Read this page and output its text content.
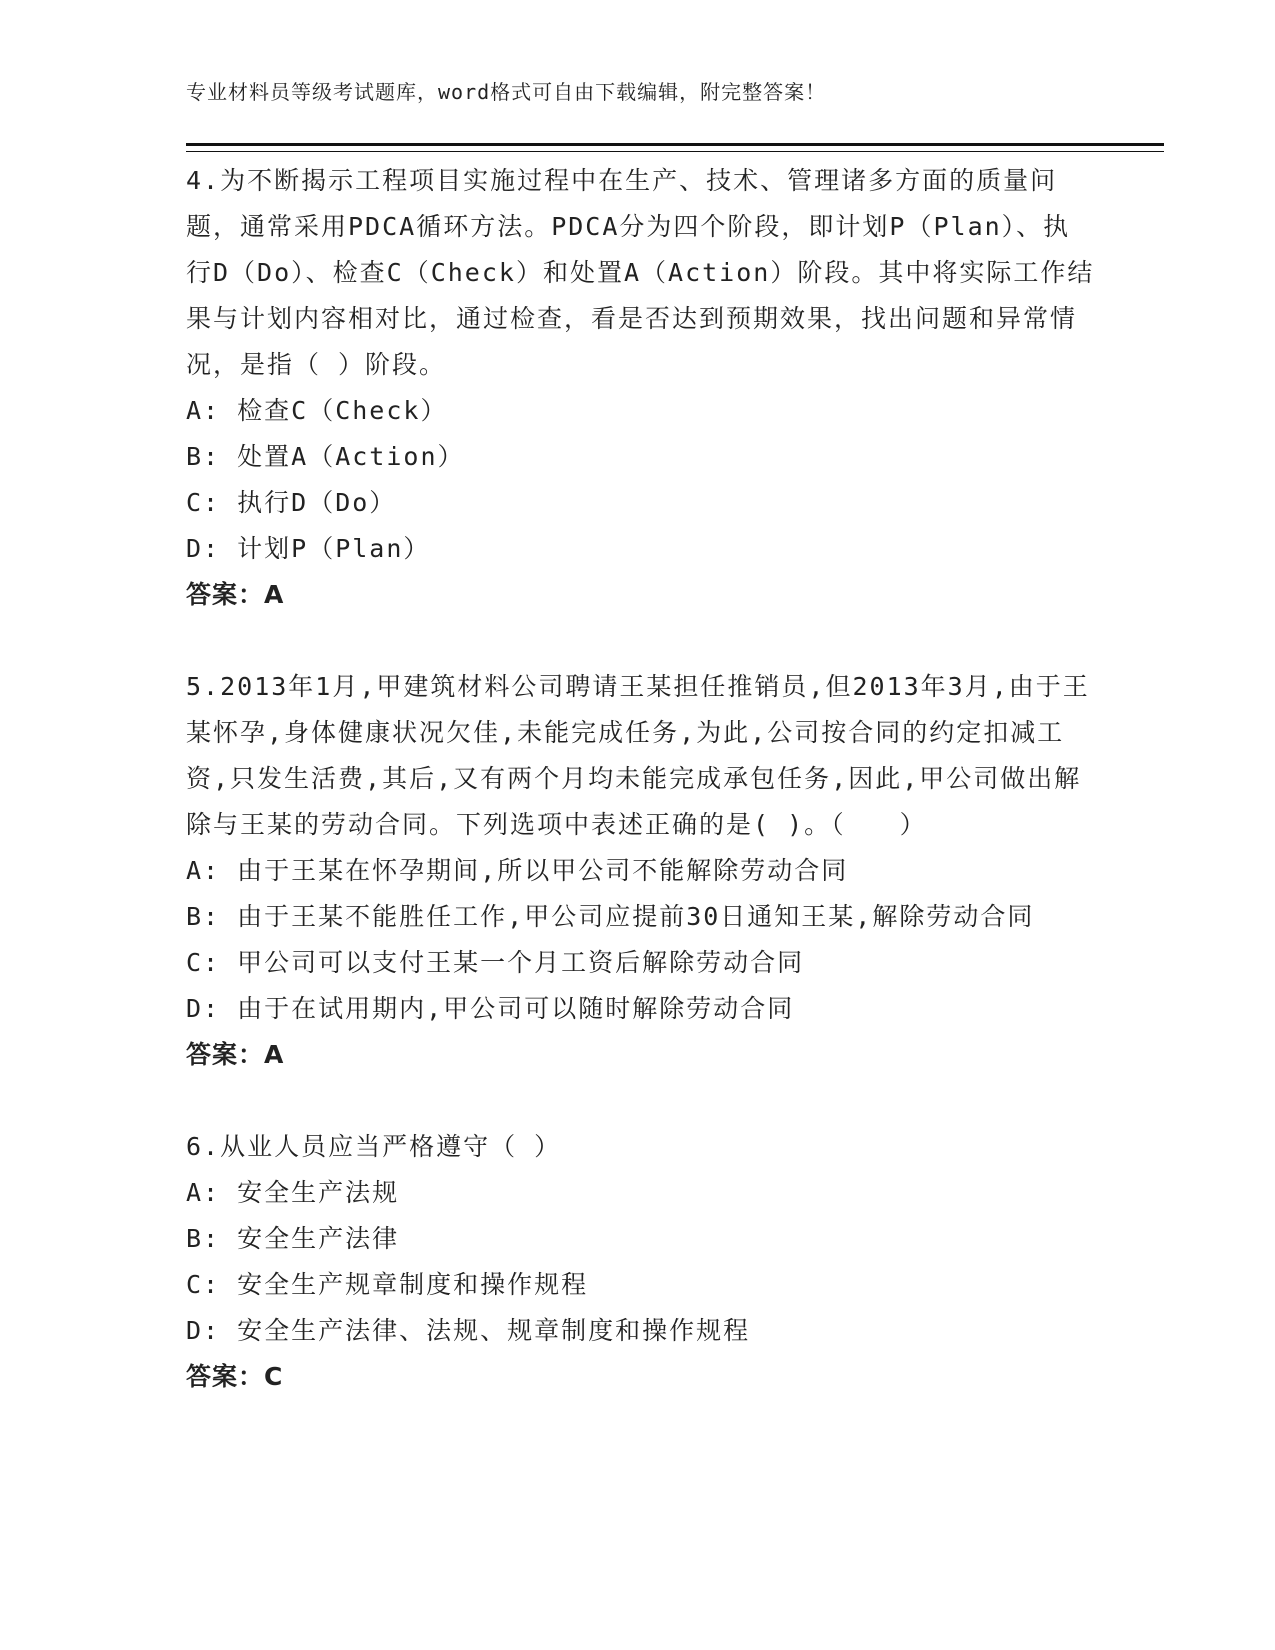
专业材料员等级考试题库，word格式可自由下载编辑，附完整答案！
4.为不断揭示工程项目实施过程中在生产、技术、管理诸多方面的质量问题，通常采用PDCA循环方法。PDCA分为四个阶段，即计划P（Plan）、执行D（Do）、检查C（Check）和处置A（Action）阶段。其中将实际工作结果与计划内容相对比，通过检查，看是否达到预期效果，找出问题和异常情况，是指（ ）阶段。
A: 检查C（Check）
B: 处置A（Action）
C: 执行D（Do）
D: 计划P（Plan）
答案：A
5.2013年1月,甲建筑材料公司聘请王某担任推销员,但2013年3月,由于王某怀孕,身体健康状况欠佳,未能完成任务,为此,公司按合同的约定扣减工资,只发生活费,其后,又有两个月均未能完成承包任务,因此,甲公司做出解除与王某的劳动合同。下列选项中表述正确的是( )。（　　）
A: 由于王某在怀孕期间,所以甲公司不能解除劳动合同
B: 由于王某不能胜任工作,甲公司应提前30日通知王某,解除劳动合同
C: 甲公司可以支付王某一个月工资后解除劳动合同
D: 由于在试用期内,甲公司可以随时解除劳动合同
答案：A
6.从业人员应当严格遵守（ ）
A: 安全生产法规
B: 安全生产法律
C: 安全生产规章制度和操作规程
D: 安全生产法律、法规、规章制度和操作规程
答案：C
